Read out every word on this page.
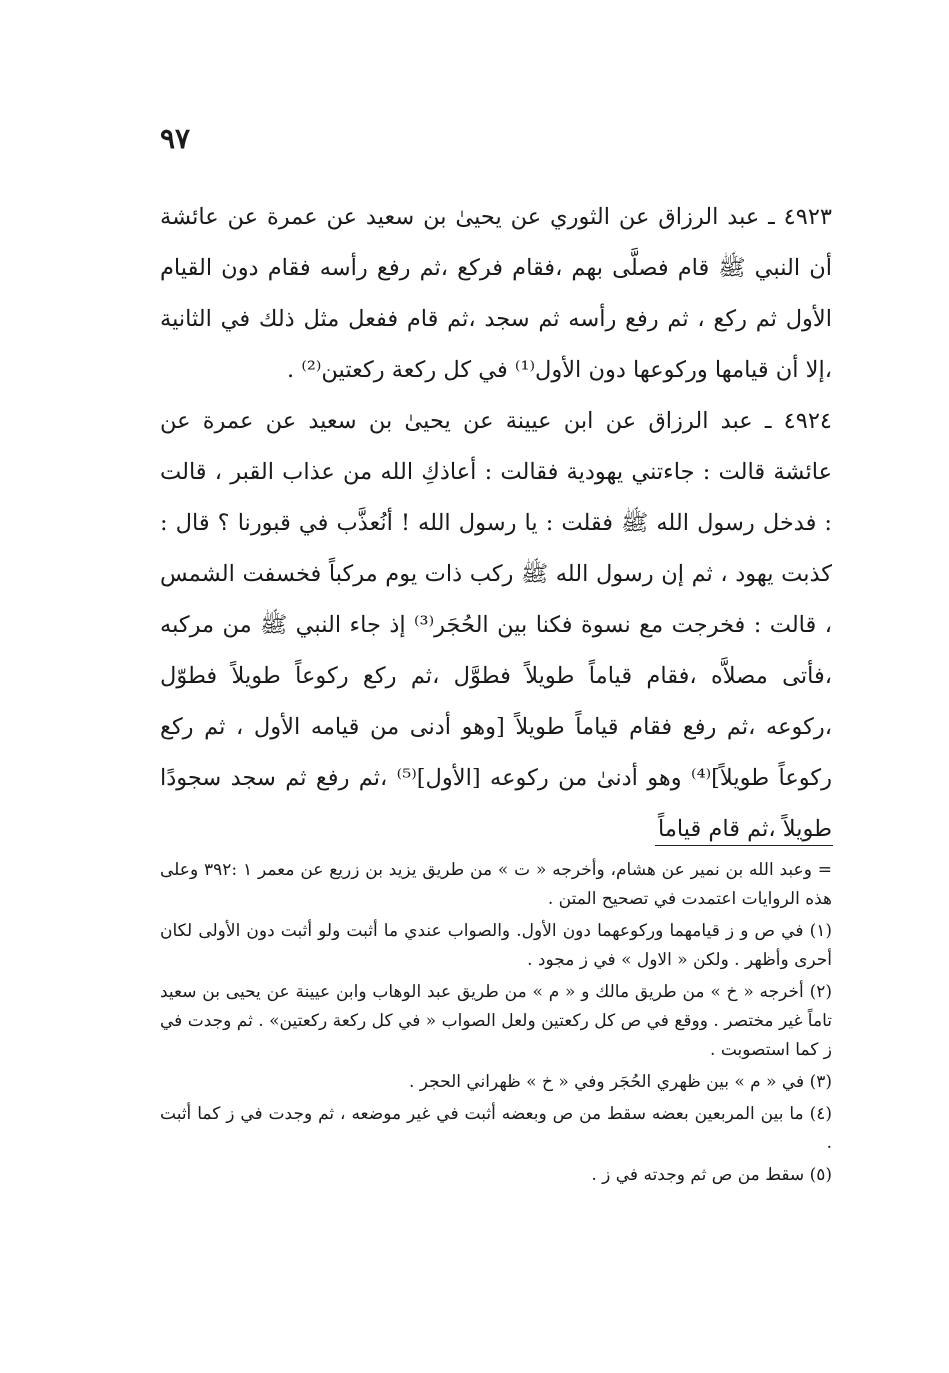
٩٧

٤٩٢٣ ـ عبد الرزاق عن الثوري عن يحيىٰ بن سعيد عن عمرة عن عائشة أن النبي ﷺ قام فصلَّى بهم ،فقام فركع ،ثم رفع رأسه فقام دون القيام الأول ثم ركع ، ثم رفع رأسه ثم سجد ،ثم قام ففعل مثل ذلك في الثانية ،إلا أن قيامها وركوعها دون الأول⁽¹⁾ في كل ركعة ركعتين⁽²⁾ .

٤٩٢٤ ـ عبد الرزاق عن ابن عيينة عن يحيىٰ بن سعيد عن عمرة عن عائشة قالت : جاءتني يهودية فقالت : أعاذكِ الله من عذاب القبر ، قالت : فدخل رسول الله ﷺ فقلت : يا رسول الله ! أنُعذَّب في قبورنا ؟ قال : كذبت يهود ، ثم إن رسول الله ﷺ ركب ذات يوم مركباً فخسفت الشمس ، قالت : فخرجت مع نسوة فكنا بين الحُجَر⁽³⁾ إذ جاء النبي ﷺ من مركبه ،فأتى مصلاَّه ،فقام قياماً طويلاً فطوَّل ،ثم ركع ركوعاً طويلاً فطوّل ،ركوعه ،ثم رفع فقام قياماً طويلاً [وهو أدنى من قيامه الأول ، ثم ركع ركوعاً طويلاً]⁽⁴⁾ وهو أدنىٰ من ركوعه [الأول]⁽⁵⁾ ،ثم رفع ثم سجد سجودًا طويلاً ،ثم قام قياماً

= وعبد الله بن نمير عن هشام، وأخرجه « ت » من طريق يزيد بن زريع عن معمر ١ :٣٩٢ وعلى هذه الروايات اعتمدت في تصحيح المتن .

(١) في ص و ز قيامهما وركوعهما دون الأول. والصواب عندي ما أثبت ولو أثبت دون الأولى لكان أحرى وأظهر . ولكن « الاول » في ز مجود .

(٢) أخرجه « خ » من طريق مالك و « م » من طريق عبد الوهاب وابن عيينة عن يحيى بن سعيد تاماً غير مختصر . ووقع في ص كل ركعتين ولعل الصواب « في كل ركعة ركعتين» . ثم وجدت في ز كما استصوبت .

(٣) في « م » بين ظهري الحُجَر وفي « خ » ظهراني الحجر .

(٤) ما بين المربعين بعضه سقط من ص وبعضه أثبت في غير موضعه ، ثم وجدت في ز كما أثبت .

(٥) سقط من ص ثم وجدته في ز .
